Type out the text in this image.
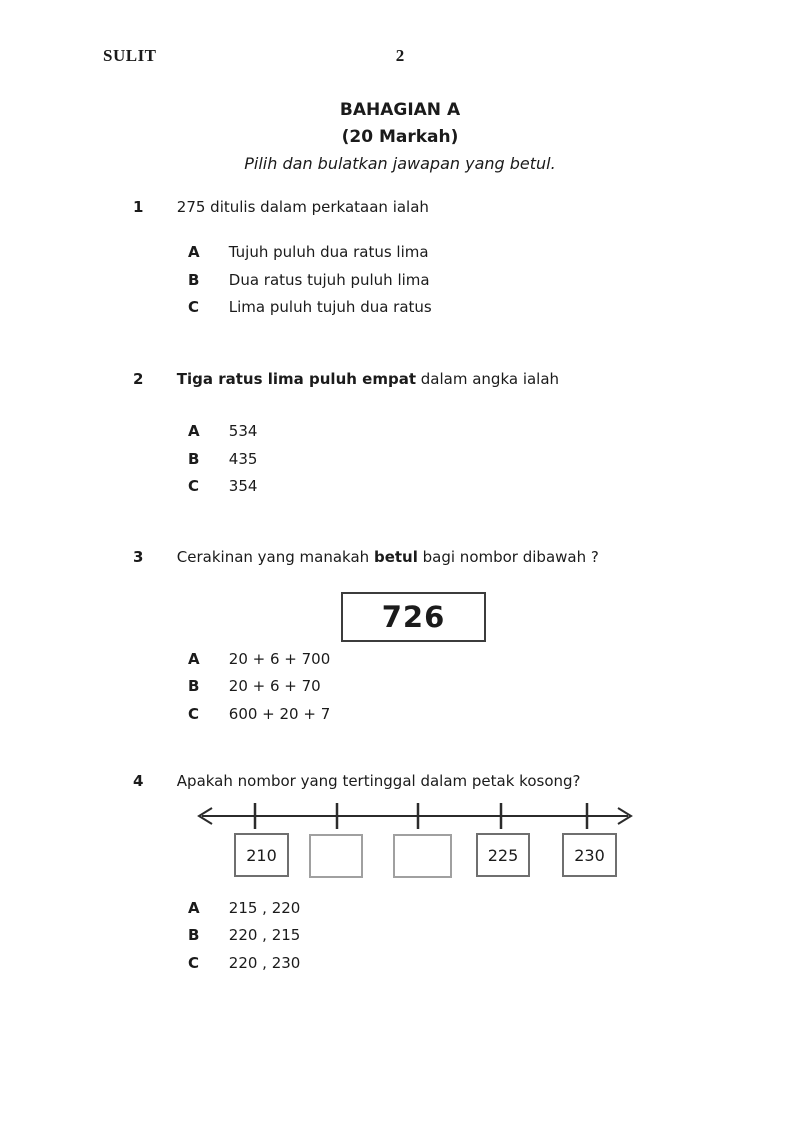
SULIT	2
BAHAGIAN A
(20 Markah)
Pilih dan bulatkan jawapan yang betul.
1 275 ditulis dalam perkataan ialah
A Tujuh puluh dua ratus lima
B Dua ratus tujuh puluh lima
C Lima puluh tujuh dua ratus
2 Tiga ratus lima puluh empat dalam angka ialah
A 534
B 435
C 354
3 Cerakinan yang manakah betul bagi nombor dibawah ?
726
A 20 + 6 + 700
B 20 + 6 + 70
C 600 + 20 + 7
4 Apakah nombor yang tertinggal dalam petak kosong?
210	225	230
A 215 , 220
B 220 , 215
C 220 , 230
